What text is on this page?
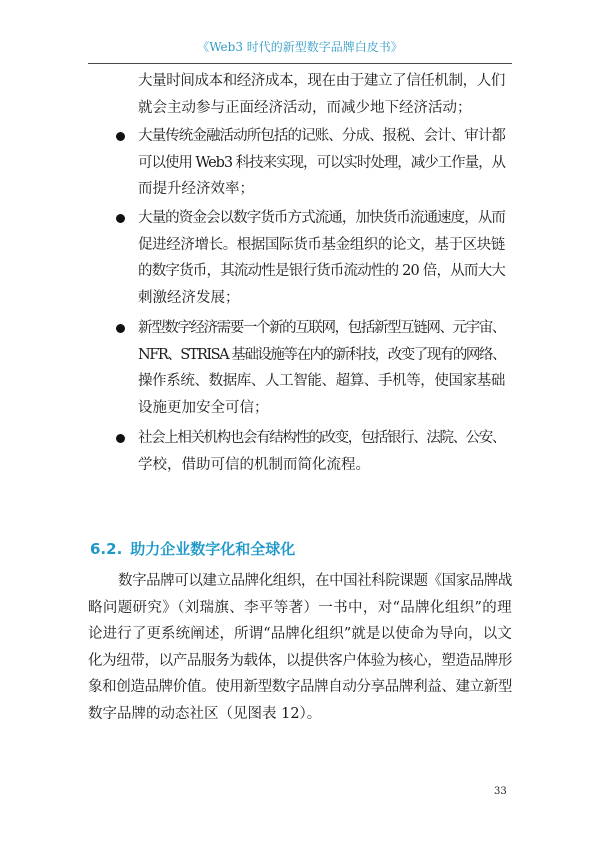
《Web3 时代的新型数字品牌白皮书》
大量时间成本和经济成本，现在由于建立了信任机制，人们
就会主动参与正面经济活动，而减少地下经济活动；
大量传统金融活动所包括的记账、分成、报税、会计、审计都
可以使用 Web3 科技来实现，可以实时处理，减少工作量，从
而提升经济效率；
大量的资金会以数字货币方式流通，加快货币流通速度，从而
促进经济增长。根据国际货币基金组织的论文，基于区块链
的数字货币，其流动性是银行货币流动性的 20 倍，从而大大
刺激经济发展；
新型数字经济需要一个新的互联网，包括新型互链网、元宇宙、
NFR、STRISA 基础设施等在内的新科技，改变了现有的网络、
操作系统、数据库、人工智能、超算、手机等，使国家基础
设施更加安全可信；
社会上相关机构也会有结构性的改变，包括银行、法院、公安、
学校，借助可信的机制而简化流程。
6.2. 助力企业数字化和全球化
数字品牌可以建立品牌化组织，在中国社科院课题《国家品牌战
略问题研究》（刘瑞旗、李平等著）一书中，对“品牌化组织”的理
论进行了更系统阐述，所谓“品牌化组织”就是以使命为导向，以文
化为纽带，以产品服务为载体，以提供客户体验为核心，塑造品牌形
象和创造品牌价值。使用新型数字品牌自动分享品牌利益、建立新型
数字品牌的动态社区（见图表 12）。
33
